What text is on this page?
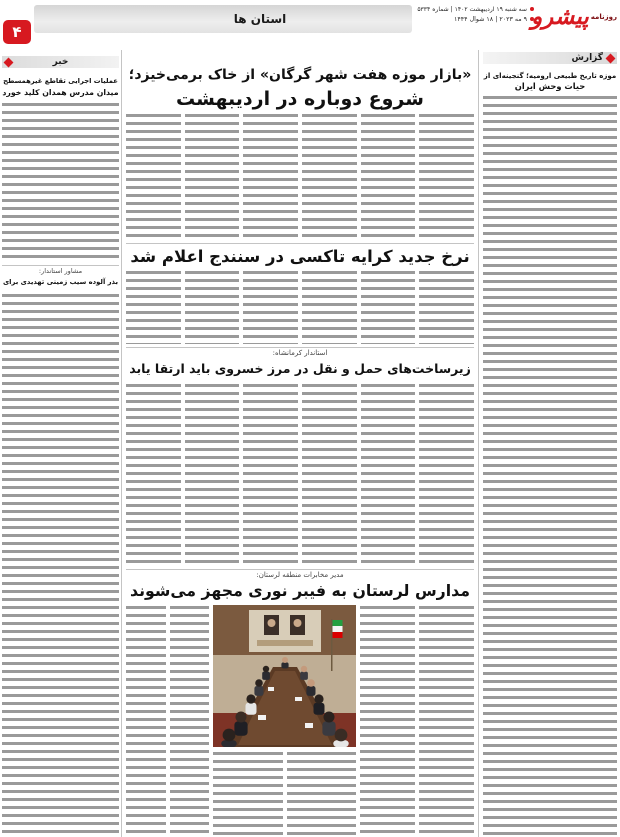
استان ها
۴
سه شنبه ۱۹ اردیبهشت ۱۴۰۲ | شماره ۵۳۳۴
۹ مه ۲۰۲۳ | ۱۸ شوال ۱۴۴۴	روزنامه
پیشرو
گزارش
موزه تاریخ طبیعی ارومیه؛ گنجینه‌ای از
حیات وحش ایران
خبر
عملیات اجرایی تقاطع غیرهمسطح
میدان مدرس همدان کلید خورد
مشاور استاندار:
بذر آلوده سیب زمینی تهدیدی برای
«بازار موزه هفت شهر گرگان» از خاک برمی‌خیزد؛
شروع دوباره در اردیبهشت
نرخ جدید کرایه تاکسی در سنندج اعلام شد
استاندار کرمانشاه:
زیرساخت‌های حمل و نقل در مرز خسروی باید ارتقا یابد
مدیر مخابرات منطقه لرستان:
مدارس لرستان به فیبر نوری مجهز می‌شوند
